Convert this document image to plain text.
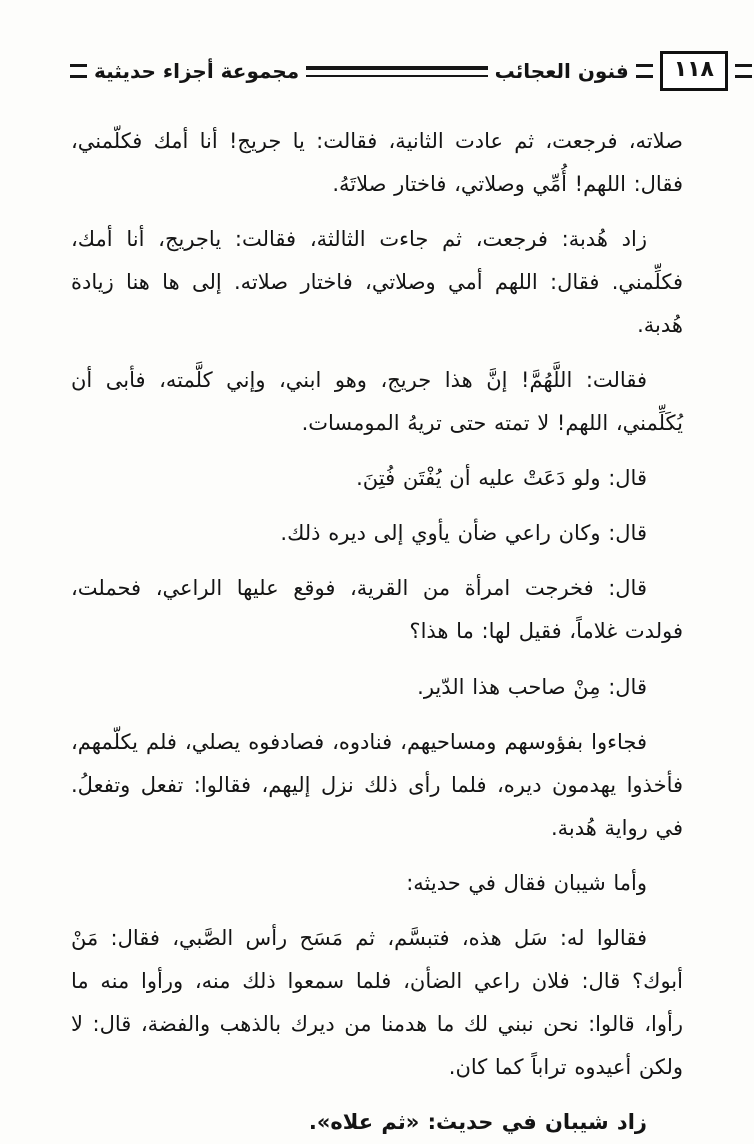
١١٨
فنون العجائب
مجموعة أجزاء حديثية

صلاته، فرجعت، ثم عادت الثانية، فقالت: يا جريج! أنا أمك فكلّمني، فقال: اللهم! أُمِّي وصلاتي، فاختار صلاتَهُ.

زاد هُدبة: فرجعت، ثم جاءت الثالثة، فقالت: ياجريج، أنا أمك، فكلِّمني. فقال: اللهم أمي وصلاتي، فاختار صلاته. إلى ها هنا زيادة هُدبة.

فقالت: اللَّهُمَّ! إنَّ هذا جريج، وهو ابني، وإني كلَّمته، فأبى أن يُكَلِّمني، اللهم! لا تمته حتى تريهُ المومسات.

قال: ولو دَعَتْ عليه أن يُفْتَن فُتِنَ.

قال: وكان راعي ضأن يأوي إلى ديره ذلك.

قال: فخرجت امرأة من القرية، فوقع عليها الراعي، فحملت، فولدت غلاماً، فقيل لها: ما هذا؟

قال: مِنْ صاحب هذا الدّير.

فجاءوا بفؤوسهم ومساحيهم، فنادوه، فصادفوه يصلي، فلم يكلّمهم، فأخذوا يهدمون ديره، فلما رأى ذلك نزل إليهم، فقالوا: تفعل وتفعلُ. في رواية هُدبة.

وأما شيبان فقال في حديثه:

فقالوا له: سَل هذه، فتبسَّم، ثم مَسَح رأس الصَّبي، فقال: مَنْ أبوك؟ قال: فلان راعي الضأن، فلما سمعوا ذلك منه، ورأوا منه ما رأوا، قالوا: نحن نبني لك ما هدمنا من ديرك بالذهب والفضة، قال: لا ولكن أعيدوه تراباً كما كان.

زاد شيبان في حديث: «ثم علاه».
